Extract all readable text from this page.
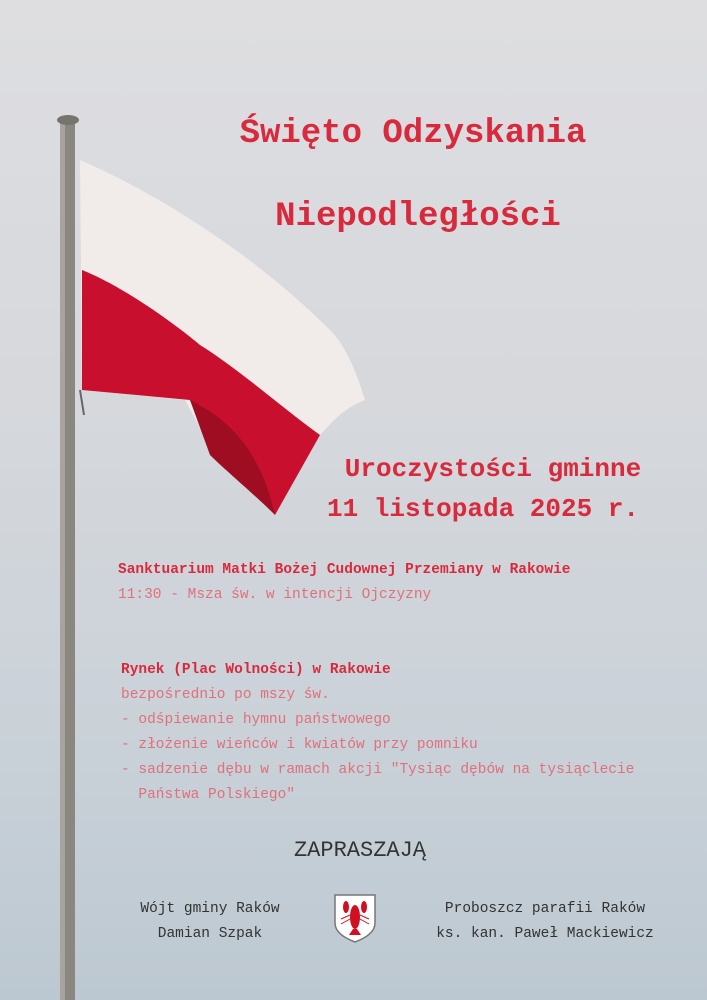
Święto Odzyskania
Niepodległości
Uroczystości gminne
11 listopada 2025 r.
Sanktuarium Matki Bożej Cudownej Przemiany w Rakowie
11:30 - Msza św. w intencji Ojczyzny
Rynek (Plac Wolności) w Rakowie
bezpośrednio po mszy św.
- odśpiewanie hymnu państwowego
- złożenie wieńców i kwiatów przy pomniku
- sadzenie dębu w ramach akcji "Tysiąc dębów na tysiąclecie
Państwa Polskiego"
ZAPRASZAJĄ
Wójt gminy Raków
Damian Szpak
Proboszcz parafii Raków
ks. kan. Paweł Mackiewicz
